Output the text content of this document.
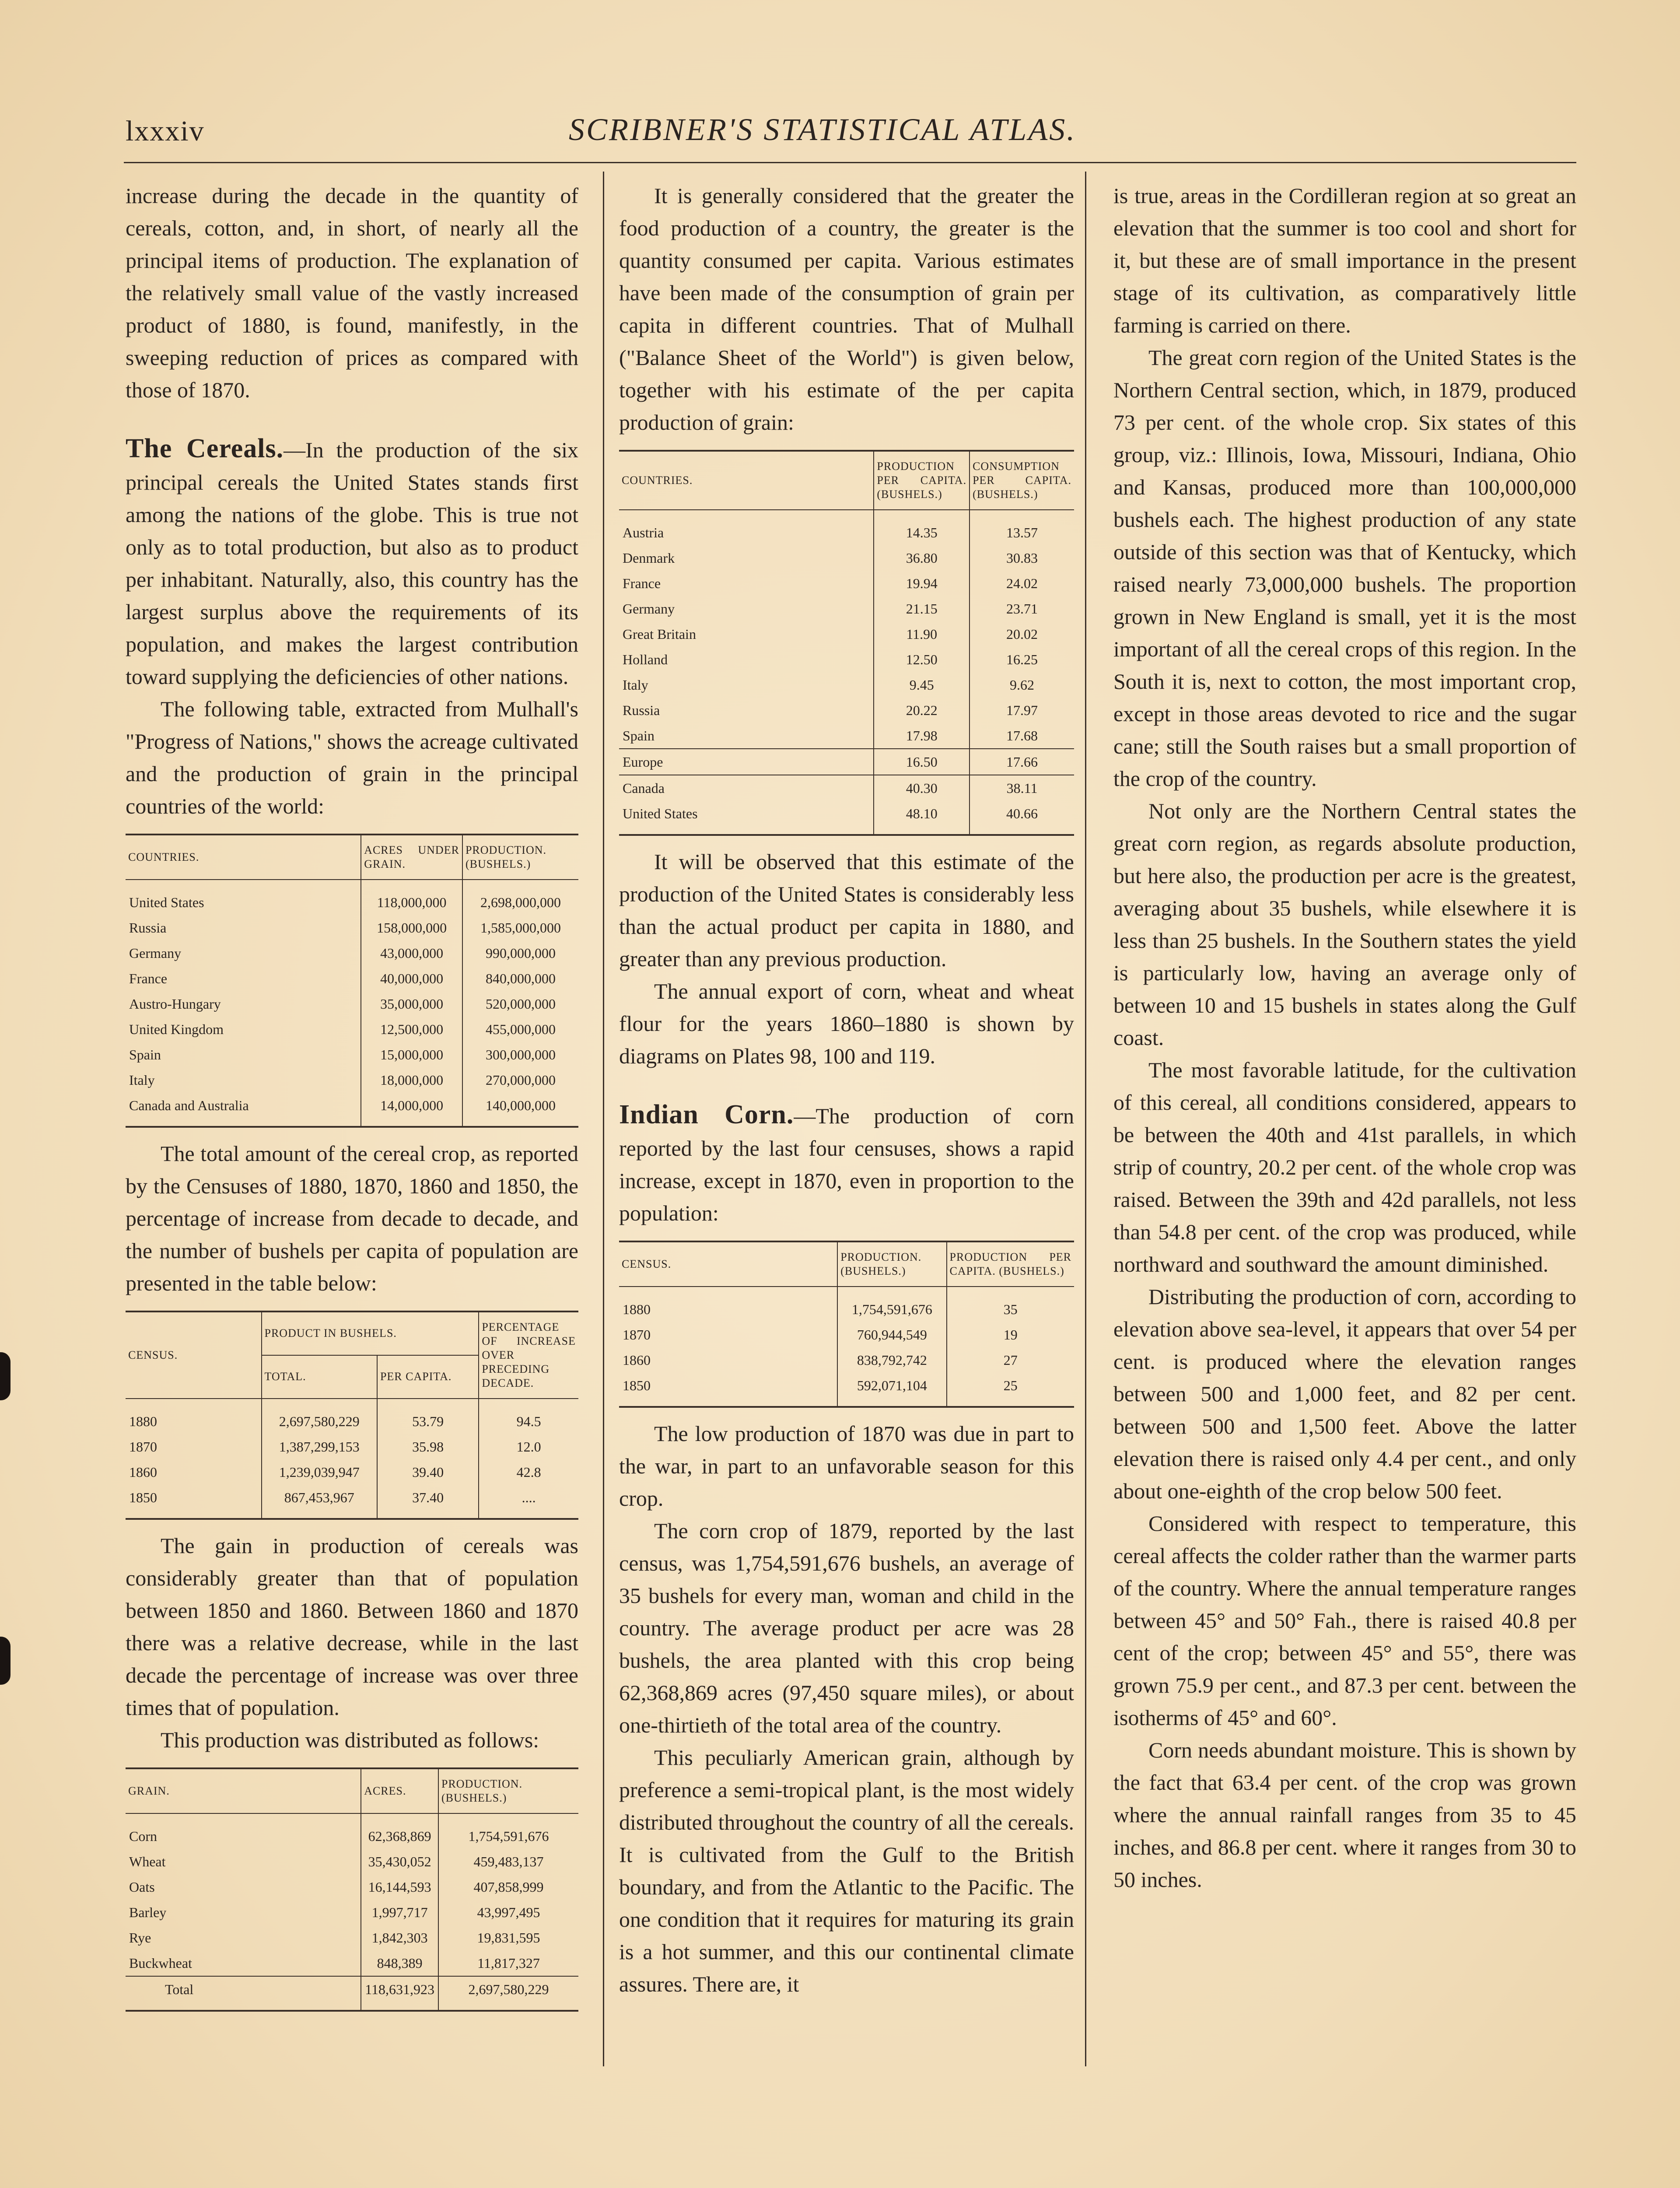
lxxxiv	SCRIBNER'S STATISTICAL ATLAS.

increase during the decade in the quantity of cereals, cotton, and, in short, of nearly all the principal items of production. The explanation of the relatively small value of the vastly increased product of 1880, is found, manifestly, in the sweeping reduction of prices as compared with those of 1870.

The Cereals.—In the production of the six principal cereals the United States stands first among the nations of the globe. This is true not only as to total production, but also as to product per inhabitant. Naturally, also, this country has the largest surplus above the requirements of its population, and makes the largest contribution toward supplying the deficiencies of other nations.

The following table, extracted from Mulhall's "Progress of Nations," shows the acreage cultivated and the production of grain in the principal countries of the world:

COUNTRIES.	ACRES UNDER GRAIN.	PRODUCTION. (BUSHELS.)
United States	118,000,000	2,698,000,000
Russia	158,000,000	1,585,000,000
Germany	43,000,000	990,000,000
France	40,000,000	840,000,000
Austro-Hungary	35,000,000	520,000,000
United Kingdom	12,500,000	455,000,000
Spain	15,000,000	300,000,000
Italy	18,000,000	270,000,000
Canada and Australia	14,000,000	140,000,000

The total amount of the cereal crop, as reported by the Censuses of 1880, 1870, 1860 and 1850, the percentage of increase from decade to decade, and the number of bushels per capita of population are presented in the table below:

CENSUS.	PRODUCT IN BUSHELS.		PERCENTAGE OF INCREASE OVER PRECEDING DECADE.
	TOTAL.	PER CAPITA.	
1880	2,697,580,229	53.79	94.5
1870	1,387,299,153	35.98	12.0
1860	1,239,039,947	39.40	42.8
1850	867,453,967	37.40	....

The gain in production of cereals was considerably greater than that of population between 1850 and 1860. Between 1860 and 1870 there was a relative decrease, while in the last decade the percentage of increase was over three times that of population.

This production was distributed as follows:

GRAIN.	ACRES.	PRODUCTION. (BUSHELS.)
Corn	62,368,869	1,754,591,676
Wheat	35,430,052	459,483,137
Oats	16,144,593	407,858,999
Barley	1,997,717	43,997,495
Rye	1,842,303	19,831,595
Buckwheat	848,389	11,817,327
Total	118,631,923	2,697,580,229

It is generally considered that the greater the food production of a country, the greater is the quantity consumed per capita. Various estimates have been made of the consumption of grain per capita in different countries. That of Mulhall ("Balance Sheet of the World") is given below, together with his estimate of the per capita production of grain:

COUNTRIES.	PRODUCTION PER CAPITA. (BUSHELS.)	CONSUMPTION PER CAPITA. (BUSHELS.)
Austria	14.35	13.57
Denmark	36.80	30.83
France	19.94	24.02
Germany	21.15	23.71
Great Britain	11.90	20.02
Holland	12.50	16.25
Italy	9.45	9.62
Russia	20.22	17.97
Spain	17.98	17.68
Europe	16.50	17.66
Canada	40.30	38.11
United States	48.10	40.66

It will be observed that this estimate of the production of the United States is considerably less than the actual product per capita in 1880, and greater than any previous production.

The annual export of corn, wheat and wheat flour for the years 1860–1880 is shown by diagrams on Plates 98, 100 and 119.

Indian Corn.—The production of corn reported by the last four censuses, shows a rapid increase, except in 1870, even in proportion to the population:

CENSUS.	PRODUCTION. (BUSHELS.)	PRODUCTION PER CAPITA. (BUSHELS.)
1880	1,754,591,676	35
1870	760,944,549	19
1860	838,792,742	27
1850	592,071,104	25

The low production of 1870 was due in part to the war, in part to an unfavorable season for this crop.

The corn crop of 1879, reported by the last census, was 1,754,591,676 bushels, an average of 35 bushels for every man, woman and child in the country. The average product per acre was 28 bushels, the area planted with this crop being 62,368,869 acres (97,450 square miles), or about one-thirtieth of the total area of the country.

This peculiarly American grain, although by preference a semi-tropical plant, is the most widely distributed throughout the country of all the cereals. It is cultivated from the Gulf to the British boundary, and from the Atlantic to the Pacific. The one condition that it requires for maturing its grain is a hot summer, and this our continental climate assures. There are, it

is true, areas in the Cordilleran region at so great an elevation that the summer is too cool and short for it, but these are of small importance in the present stage of its cultivation, as comparatively little farming is carried on there.

The great corn region of the United States is the Northern Central section, which, in 1879, produced 73 per cent. of the whole crop. Six states of this group, viz.: Illinois, Iowa, Missouri, Indiana, Ohio and Kansas, produced more than 100,000,000 bushels each. The highest production of any state outside of this section was that of Kentucky, which raised nearly 73,000,000 bushels. The proportion grown in New England is small, yet it is the most important of all the cereal crops of this region. In the South it is, next to cotton, the most important crop, except in those areas devoted to rice and the sugar cane; still the South raises but a small proportion of the crop of the country.

Not only are the Northern Central states the great corn region, as regards absolute production, but here also, the production per acre is the greatest, averaging about 35 bushels, while elsewhere it is less than 25 bushels. In the Southern states the yield is particularly low, having an average only of between 10 and 15 bushels in states along the Gulf coast.

The most favorable latitude, for the cultivation of this cereal, all conditions considered, appears to be between the 40th and 41st parallels, in which strip of country, 20.2 per cent. of the whole crop was raised. Between the 39th and 42d parallels, not less than 54.8 per cent. of the crop was produced, while northward and southward the amount diminished.

Distributing the production of corn, according to elevation above sea-level, it appears that over 54 per cent. is produced where the elevation ranges between 500 and 1,000 feet, and 82 per cent. between 500 and 1,500 feet. Above the latter elevation there is raised only 4.4 per cent., and only about one-eighth of the crop below 500 feet.

Considered with respect to temperature, this cereal affects the colder rather than the warmer parts of the country. Where the annual temperature ranges between 45° and 50° Fah., there is raised 40.8 per cent of the crop; between 45° and 55°, there was grown 75.9 per cent., and 87.3 per cent. between the isotherms of 45° and 60°.

Corn needs abundant moisture. This is shown by the fact that 63.4 per cent. of the crop was grown where the annual rainfall ranges from 35 to 45 inches, and 86.8 per cent. where it ranges from 30 to 50 inches.
